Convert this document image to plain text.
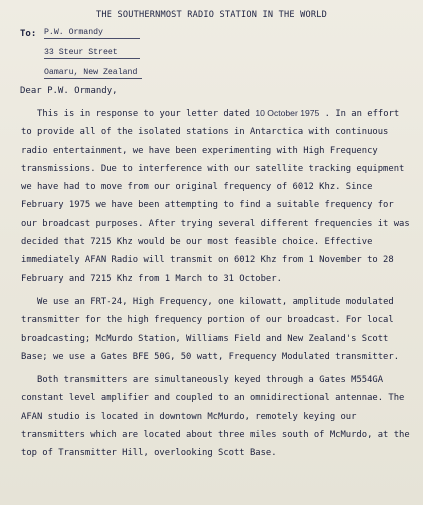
THE SOUTHERNMOST RADIO STATION IN THE WORLD
To: P.W. Ormandy
33 Steur Street
Oamaru, New Zealand
Dear P.W. Ormandy,

This is in response to your letter dated 10 October 1975 . In an effort to provide all of the isolated stations in Antarctica with continuous radio entertainment, we have been experimenting with High Frequency transmissions. Due to interference with our satellite tracking equipment we have had to move from our original frequency of 6012 Khz. Since February 1975 we have been attempting to find a suitable frequency for our broadcast purposes. After trying several different frequencies it was decided that 7215 Khz would be our most feasible choice. Effective immediately AFAN Radio will transmit on 6012 Khz from 1 November to 28 February and 7215 Khz from 1 March to 31 October.

We use an FRT-24, High Frequency, one kilowatt, amplitude modulated transmitter for the high frequency portion of our broadcast. For local broadcasting; McMurdo Station, Williams Field and New Zealand's Scott Base; we use a Gates BFE 50G, 50 watt, Frequency Modulated transmitter.

Both transmitters are simultaneously keyed through a Gates M554GA constant level amplifier and coupled to an omnidirectional antennae. The AFAN studio is located in downtown McMurdo, remotely keying our transmitters which are located about three miles south of McMurdo, at the top of Transmitter Hill, overlooking Scott Base.
